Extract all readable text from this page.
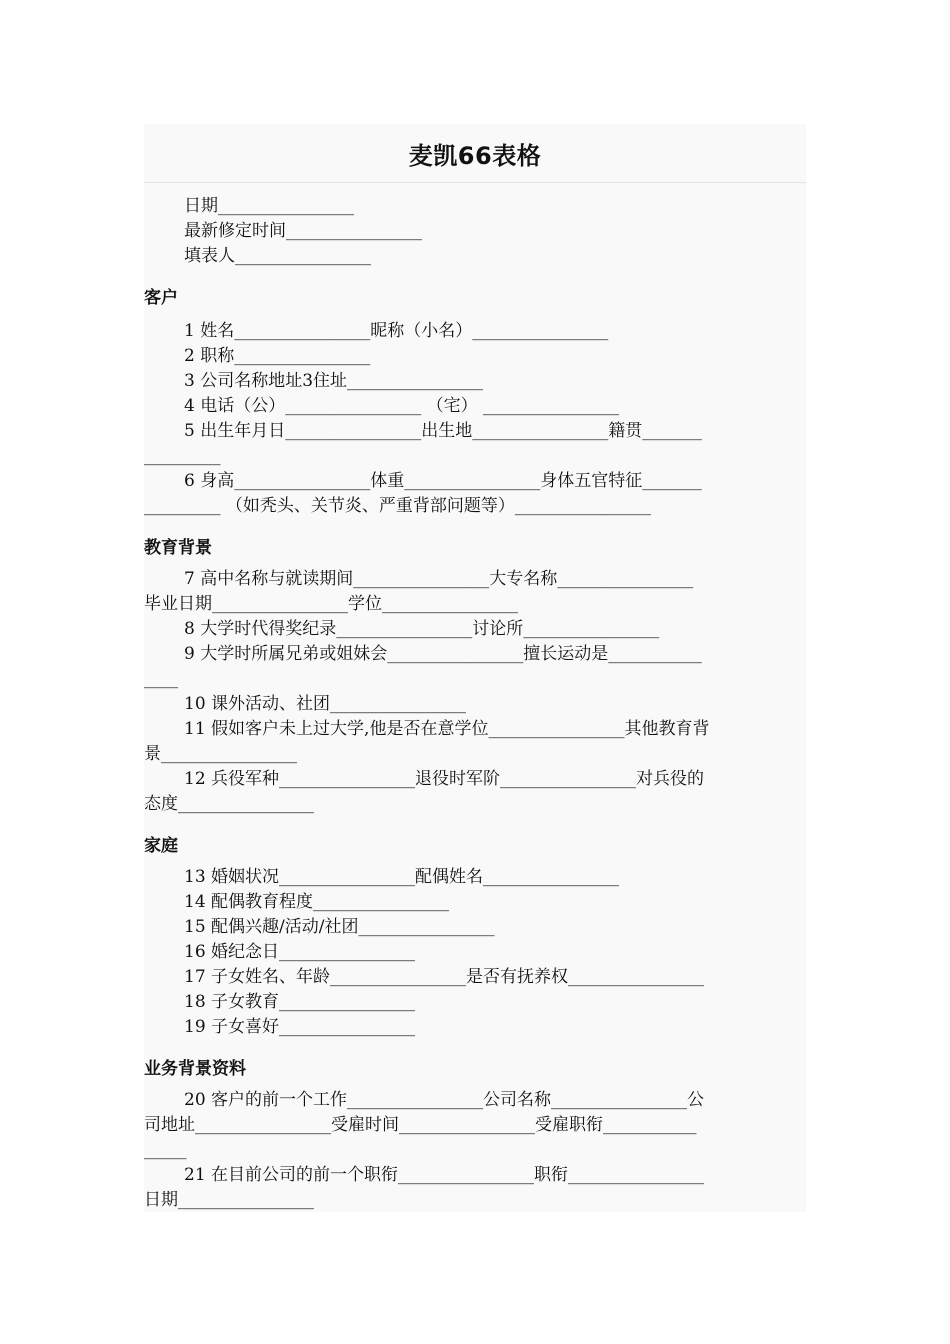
麦凯66表格
日期________________
最新修定时间________________
填表人________________
客户
1 姓名________________昵称（小名）________________
2 职称________________
3 公司名称地址3住址________________
4 电话（公）________________ （宅） ________________
5 出生年月日________________出生地________________籍贯_______
_________
6 身高________________体重________________身体五官特征_______
_________ （如秃头、关节炎、严重背部问题等）________________
教育背景
7 高中名称与就读期间________________大专名称________________
毕业日期________________学位________________
8 大学时代得奖纪录________________讨论所________________
9 大学时所属兄弟或姐妹会________________擅长运动是___________
____
10 课外活动、社团________________
11 假如客户未上过大学,他是否在意学位________________其他教育背
景________________
12 兵役军种________________退役时军阶________________对兵役的
态度________________
家庭
13 婚姻状况________________配偶姓名________________
14 配偶教育程度________________
15 配偶兴趣/活动/社团________________
16 婚纪念日________________
17 子女姓名、年龄________________是否有抚养权________________
18 子女教育________________
19 子女喜好________________
业务背景资料
20 客户的前一个工作________________公司名称________________公
司地址________________受雇时间________________受雇职衔___________
_____
21 在目前公司的前一个职衔________________职衔________________
日期________________
